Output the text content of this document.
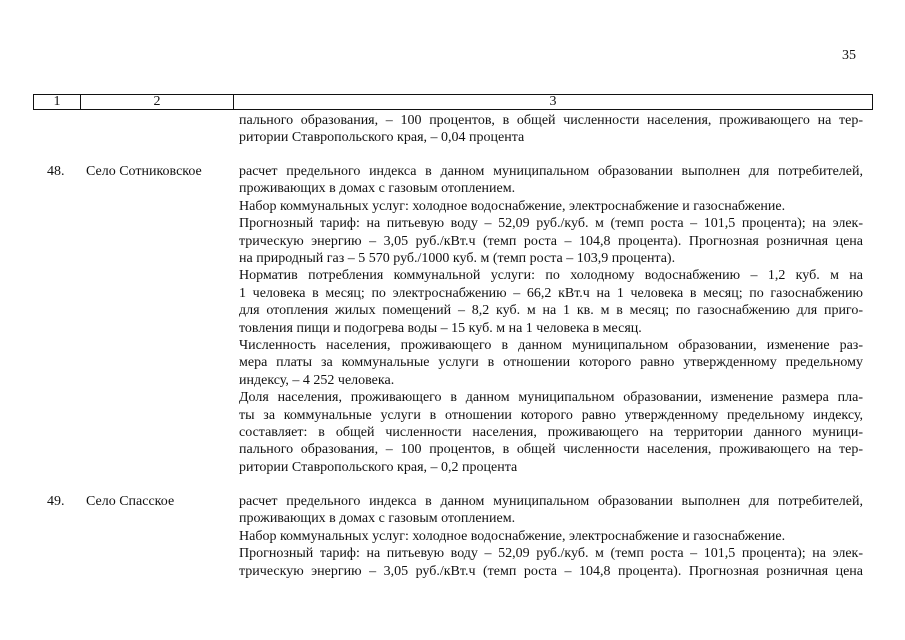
35
1	2	3
пального образования, – 100 процентов, в общей численности населения, проживающего на тер-
ритории Ставропольского края, – 0,04 процента
48. Село Сотниковское	расчет предельного индекса в данном муниципальном образовании выполнен для потребителей,
проживающих в домах с газовым отоплением.
Набор коммунальных услуг: холодное водоснабжение, электроснабжение и газоснабжение.
Прогнозный тариф: на питьевую воду – 52,09 руб./куб. м (темп роста – 101,5 процента); на элек-
трическую энергию – 3,05 руб./кВт.ч (темп роста – 104,8 процента). Прогнозная розничная цена
на природный газ – 5 570 руб./1000 куб. м (темп роста – 103,9 процента).
Норматив потребления коммунальной услуги: по холодному водоснабжению – 1,2 куб. м на
1 человека в месяц; по электроснабжению – 66,2 кВт.ч на 1 человека в месяц; по газоснабжению
для отопления жилых помещений – 8,2 куб. м на 1 кв. м в месяц; по газоснабжению для приго-
товления пищи и подогрева воды – 15 куб. м на 1 человека в месяц.
Численность населения, проживающего в данном муниципальном образовании, изменение раз-
мера платы за коммунальные услуги в отношении которого равно утвержденному предельному
индексу, – 4 252 человека.
Доля населения, проживающего в данном муниципальном образовании, изменение размера пла-
ты за коммунальные услуги в отношении которого равно утвержденному предельному индексу,
составляет: в общей численности населения, проживающего на территории данного муници-
пального образования, – 100 процентов, в общей численности населения, проживающего на тер-
ритории Ставропольского края, – 0,2 процента
49. Село Спасское	расчет предельного индекса в данном муниципальном образовании выполнен для потребителей,
проживающих в домах с газовым отоплением.
Набор коммунальных услуг: холодное водоснабжение, электроснабжение и газоснабжение.
Прогнозный тариф: на питьевую воду – 52,09 руб./куб. м (темп роста – 101,5 процента); на элек-
трическую энергию – 3,05 руб./кВт.ч (темп роста – 104,8 процента). Прогнозная розничная цена
